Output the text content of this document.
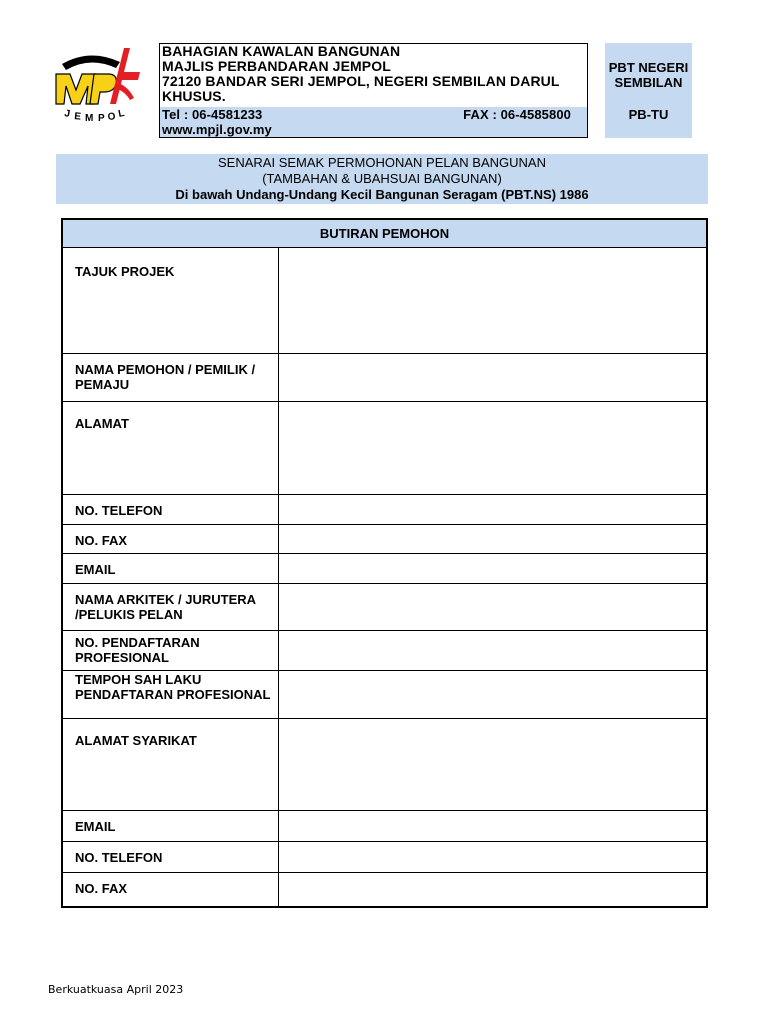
J E M P O L
BAHAGIAN KAWALAN BANGUNAN
MAJLIS PERBANDARAN JEMPOL
72120 BANDAR SERI JEMPOL, NEGERI SEMBILAN DARUL
KHUSUS.
Tel : 06-4581233	FAX : 06-4585800
www.mpjl.gov.my
PBT NEGERI
SEMBILAN
PB-TU
SENARAI SEMAK PERMOHONAN PELAN BANGUNAN
(TAMBAHAN & UBAHSUAI BANGUNAN)
Di bawah Undang-Undang Kecil Bangunan Seragam (PBT.NS) 1986
BUTIRAN PEMOHON
TAJUK PROJEK
NAMA PEMOHON / PEMILIK / PEMAJU
ALAMAT
NO. TELEFON
NO. FAX
EMAIL
NAMA ARKITEK / JURUTERA /PELUKIS PELAN
NO. PENDAFTARAN PROFESIONAL
TEMPOH SAH LAKU PENDAFTARAN PROFESIONAL
ALAMAT SYARIKAT
EMAIL
NO. TELEFON
NO. FAX
Berkuatkuasa April 2023
